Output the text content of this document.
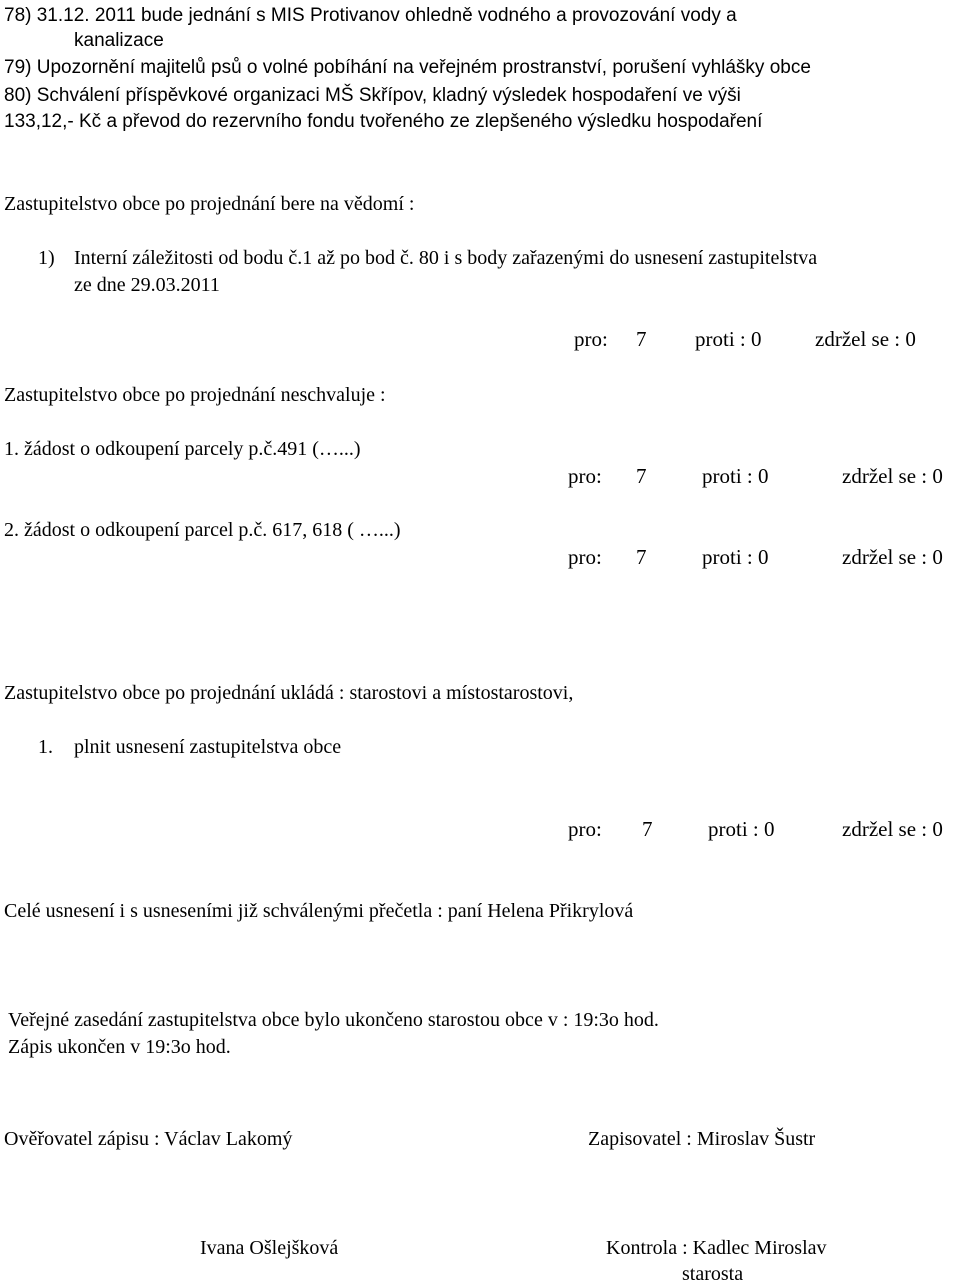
78) 31.12. 2011 bude jednání s MIS Protivanov ohledně vodného a provozování vody a
kanalizace
79) Upozornění majitelů psů o volné pobíhání na veřejném prostranství, porušení vyhlášky obce
80) Schválení příspěvkové organizaci MŠ Skřípov, kladný výsledek hospodaření ve výši
133,12,- Kč a převod do rezervního fondu tvořeného ze zlepšeného výsledku hospodaření
Zastupitelstvo obce po projednání bere na vědomí :
1) Interní záležitosti od bodu č.1 až po bod č. 80 i s body zařazenými do usnesení zastupitelstva
ze dne 29.03.2011
pro: 7 proti : 0	zdržel se : 0
Zastupitelstvo obce po projednání neschvaluje :
1. žádost o odkoupení parcely p.č.491 (…...)
pro: 7	proti : 0	zdržel se : 0
2. žádost o odkoupení parcel p.č. 617, 618 ( …...)
pro: 7	proti : 0	zdržel se : 0
Zastupitelstvo obce po projednání ukládá : starostovi a místostarostovi,
1. plnit usnesení zastupitelstva obce
pro: 7	proti : 0	zdržel se : 0
Celé usnesení i s usneseními již schválenými přečetla : paní Helena Přikrylová
Veřejné zasedání zastupitelstva obce bylo ukončeno starostou obce v : 19:3o hod.
Zápis ukončen v 19:3o hod.
Ověřovatel zápisu : Václav Lakomý	Zapisovatel : Miroslav Šustr
Ivana Ošlejšková	Kontrola : Kadlec Miroslav
starosta
